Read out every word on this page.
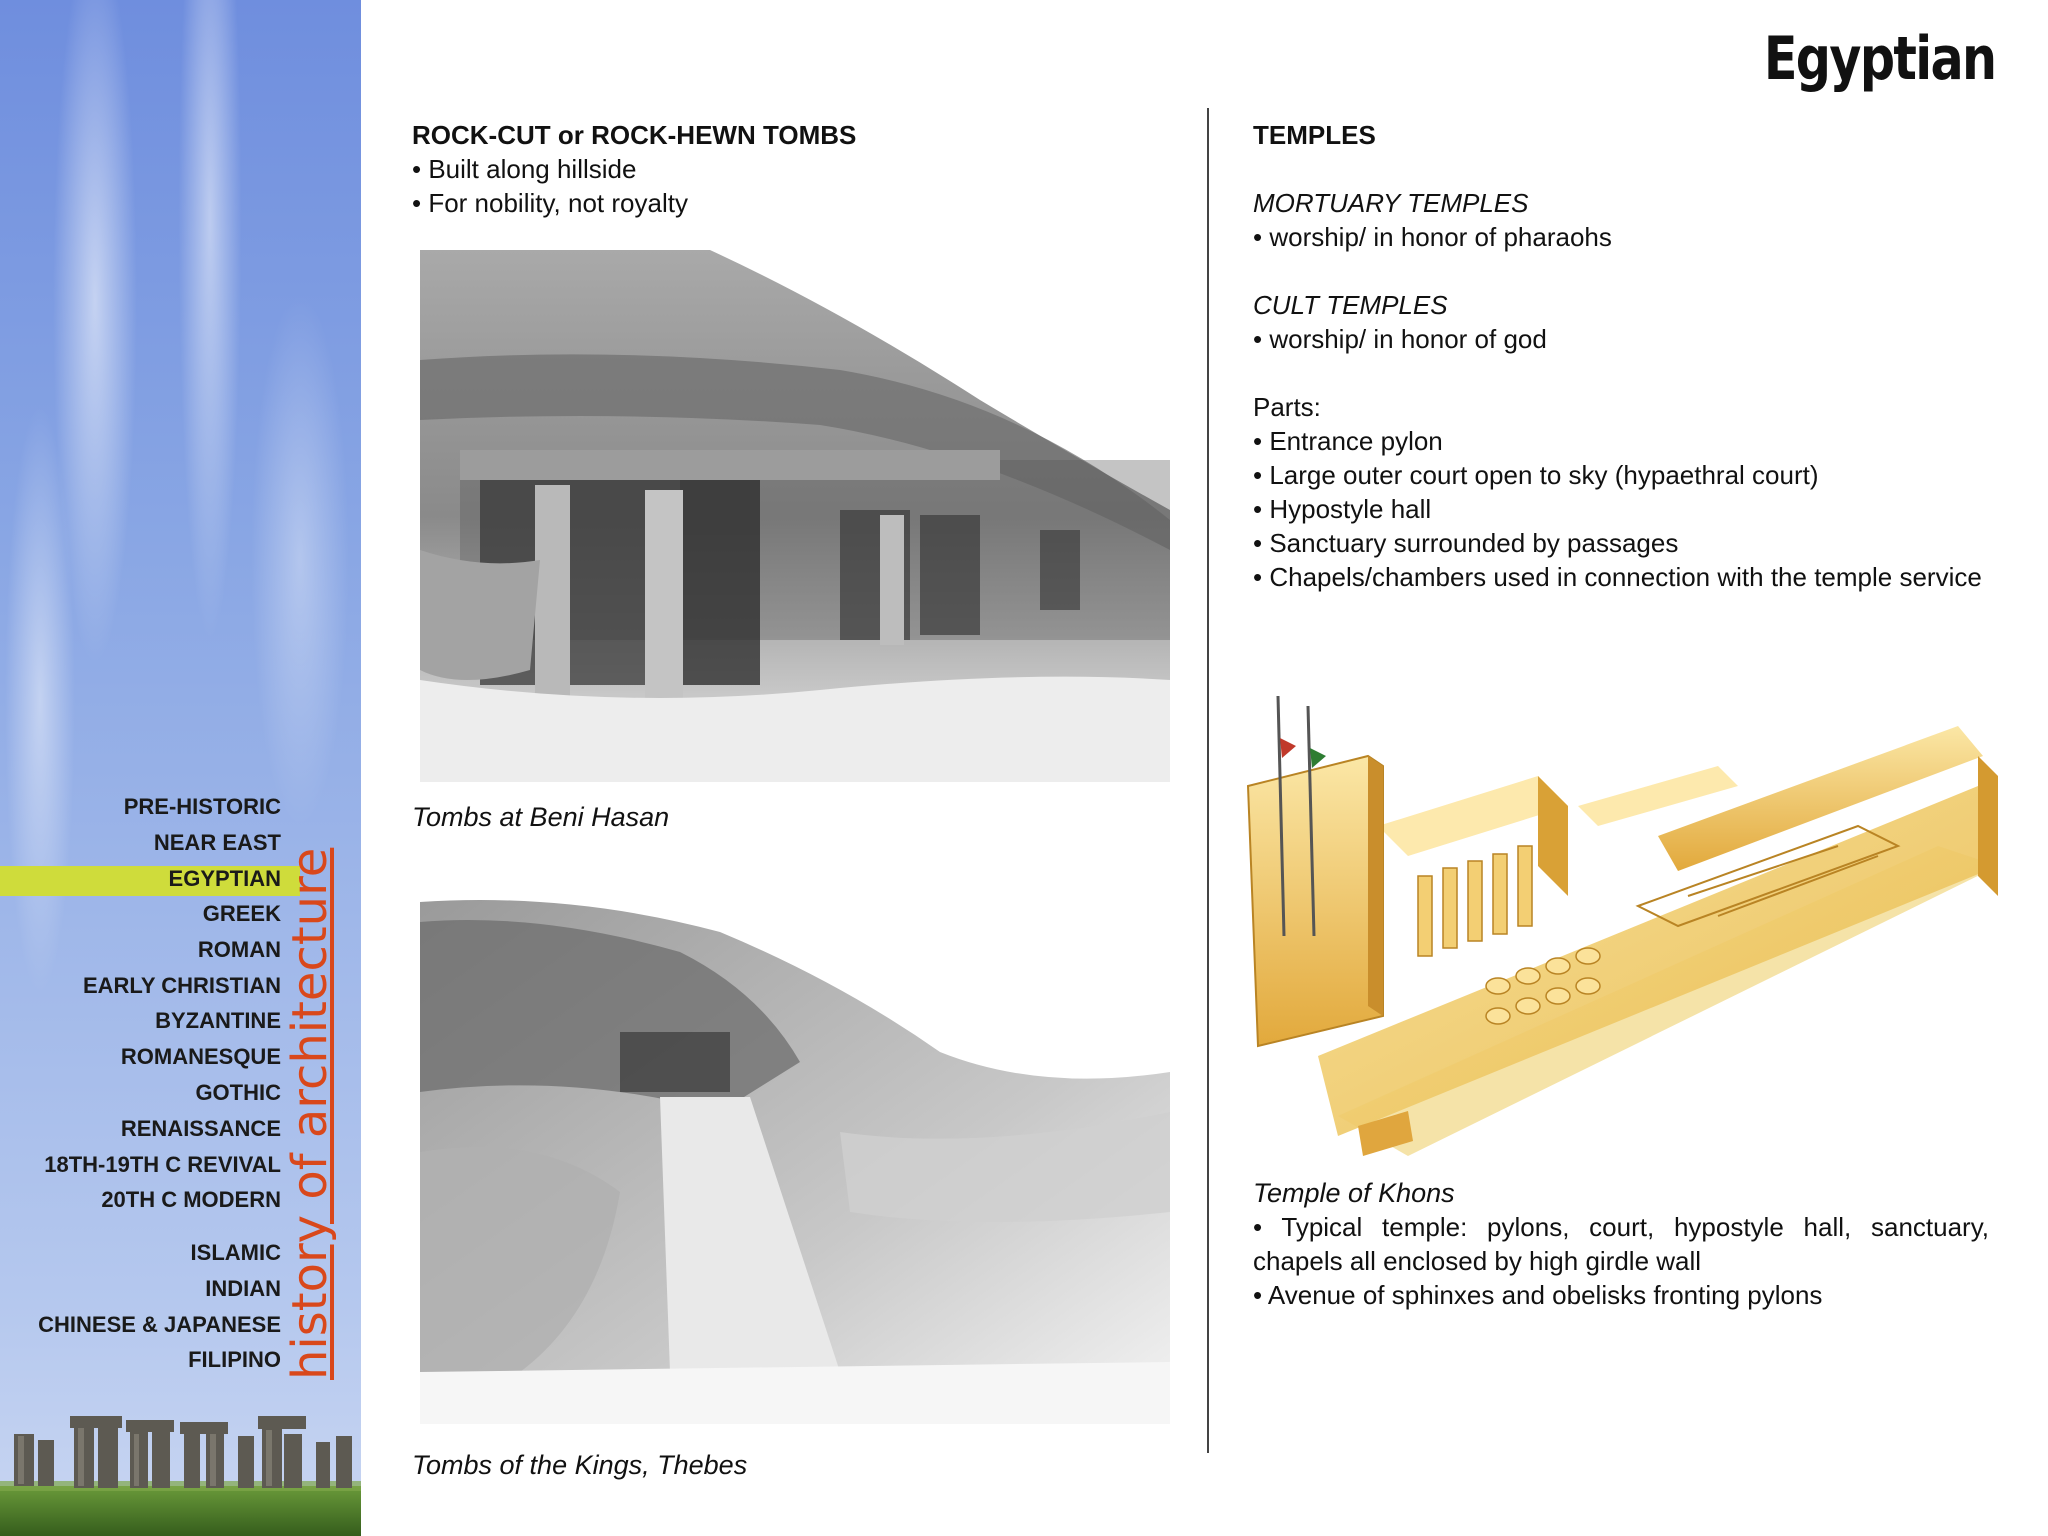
PRE-HISTORIC
NEAR EAST
EGYPTIAN
GREEK
ROMAN
EARLY CHRISTIAN
BYZANTINE
ROMANESQUE
GOTHIC
RENAISSANCE
18TH-19TH C REVIVAL
20TH C MODERN
ISLAMIC
INDIAN
CHINESE & JAPANESE
FILIPINO history of architecture
Egyptian
ROCK-CUT or ROCK-HEWN TOMBS
• Built along hillside
• For nobility, not royalty
Tombs at Beni Hasan
Tombs of the Kings, Thebes
TEMPLES
MORTUARY TEMPLES
• worship/ in honor of pharaohs
CULT TEMPLES
• worship/ in honor of god
Parts:
• Entrance pylon
• Large outer court open to sky (hypaethral court)
• Hypostyle hall
• Sanctuary surrounded by passages
• Chapels/chambers used in connection with the temple service
Temple of Khons
• Typical temple: pylons, court, hypostyle hall, sanctuary, chapels all enclosed by high girdle wall
• Avenue of sphinxes and obelisks fronting pylons
